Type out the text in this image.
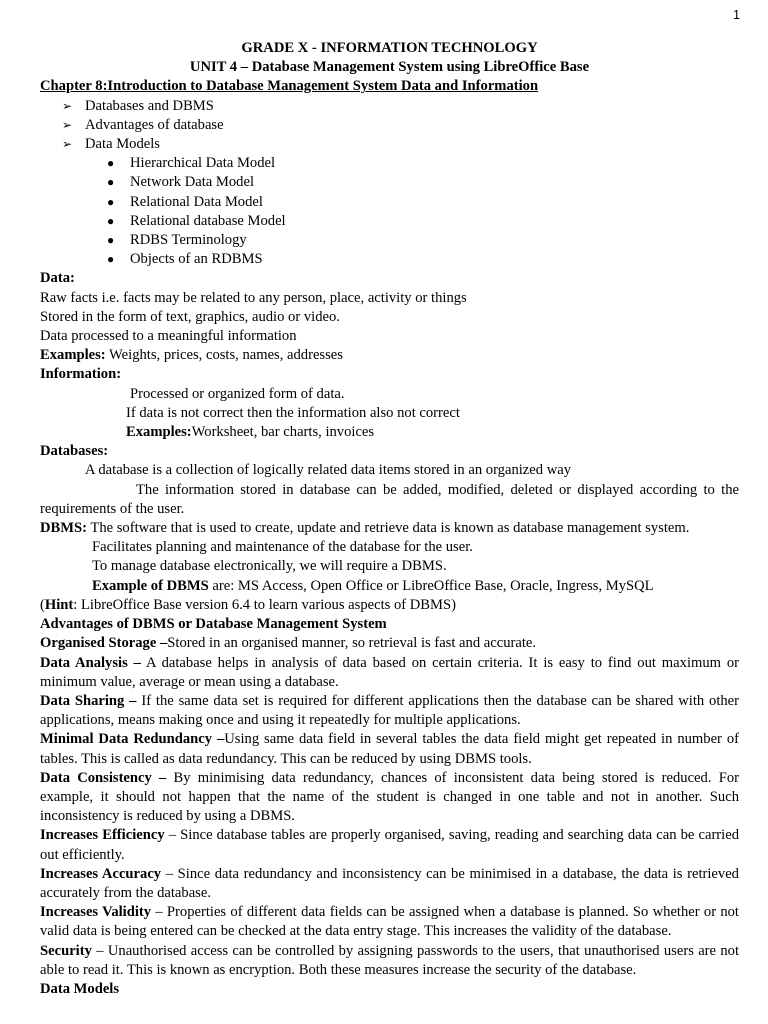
1
GRADE X - INFORMATION TECHNOLOGY
UNIT 4 – Database Management System using LibreOffice Base
Chapter 8:Introduction to Database Management System Data and Information
➢ Databases and DBMS
➢ Advantages of database
➢ Data Models
● Hierarchical Data Model
● Network Data Model
● Relational Data Model
● Relational database Model
● RDBS Terminology
● Objects of an RDBMS
Data:
Raw facts i.e. facts may be related to any person, place, activity or things
Stored in the form of text, graphics, audio or video.
Data processed to a meaningful information
Examples: Weights, prices, costs, names, addresses
Information:
Processed or organized form of data.
If data is not correct then the information also not correct
Examples:Worksheet, bar charts, invoices
Databases:
A database is a collection of logically related data items stored in an organized way
The information stored in database can be added, modified, deleted or displayed according to the requirements of the user.
DBMS: The software that is used to create, update and retrieve data is known as database management system.
Facilitates planning and maintenance of the database for the user.
To manage database electronically, we will require a DBMS.
Example of DBMS are: MS Access, Open Office or LibreOffice Base, Oracle, Ingress, MySQL
(Hint: LibreOffice Base version 6.4 to learn various aspects of DBMS)
Advantages of DBMS or Database Management System
Organised Storage –Stored in an organised manner, so retrieval is fast and accurate.
Data Analysis – A database helps in analysis of data based on certain criteria. It is easy to find out maximum or minimum value, average or mean using a database.
Data Sharing – If the same data set is required for different applications then the database can be shared with other applications, means making once and using it repeatedly for multiple applications.
Minimal Data Redundancy –Using same data field in several tables the data field might get repeated in number of tables. This is called as data redundancy. This can be reduced by using DBMS tools.
Data Consistency – By minimising data redundancy, chances of inconsistent data being stored is reduced. For example, it should not happen that the name of the student is changed in one table and not in another. Such inconsistency is reduced by using a DBMS.
Increases Efficiency – Since database tables are properly organised, saving, reading and searching data can be carried out efficiently.
Increases Accuracy – Since data redundancy and inconsistency can be minimised in a database, the data is retrieved accurately from the database.
Increases Validity – Properties of different data fields can be assigned when a database is planned. So whether or not valid data is being entered can be checked at the data entry stage. This increases the validity of the database.
Security – Unauthorised access can be controlled by assigning passwords to the users, that unauthorised users are not able to read it. This is known as encryption. Both these measures increase the security of the database.
Data Models
